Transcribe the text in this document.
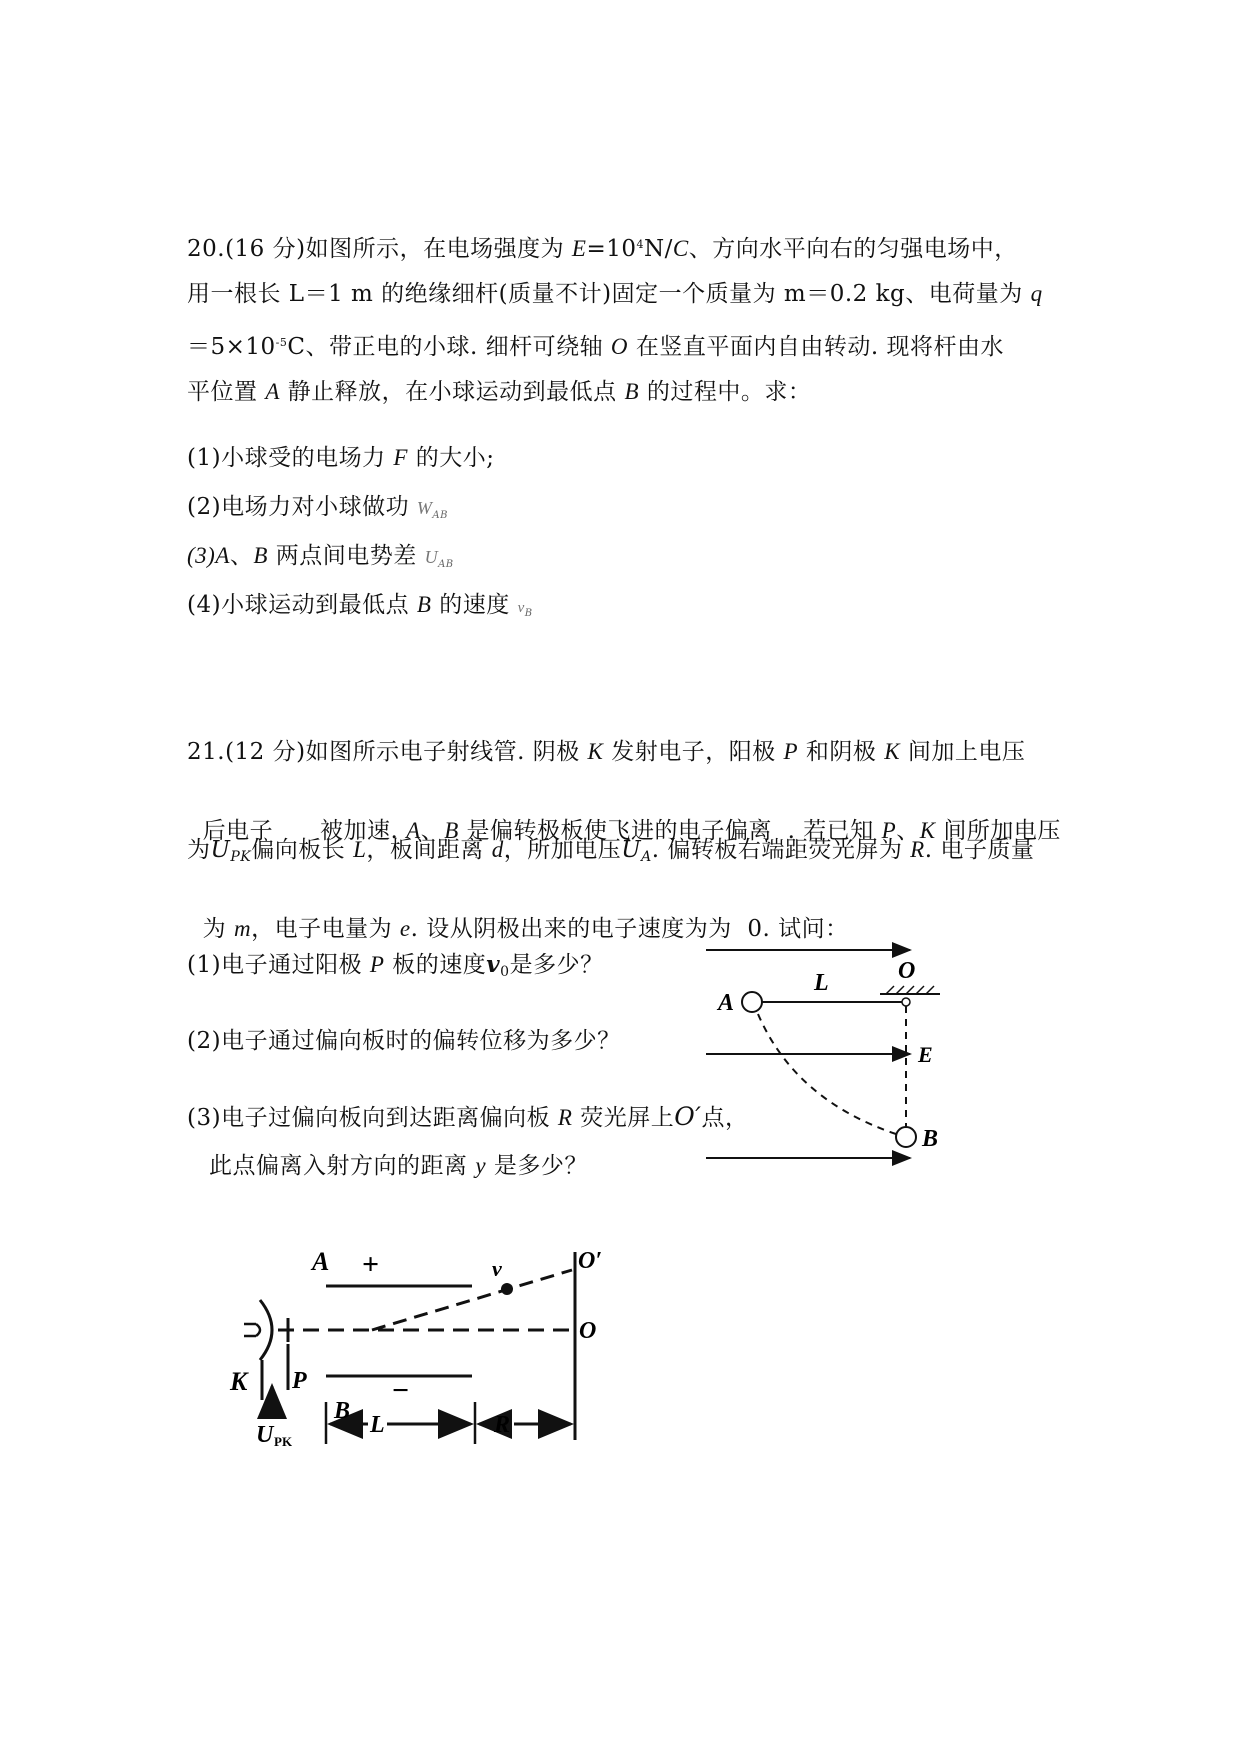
20.(16 分)如图所示，在电场强度为 $E=10^4N/C$、方向水平向右的匀强电场中，
用一根长 L＝1 m 的绝缘细杆(质量不计)固定一个质量为 m＝0.2 kg、电荷量为 q
$=5\times 10^{-5}C$、带正电的小球. 细杆可绕轴 O 在竖直平面内自由转动. 现将杆由水
平位置 A 静止释放，在小球运动到最低点 B 的过程中。求：
(1)小球受的电场力 F 的大小;
(2)电场力对小球做功 $W_{AB}$
(3)A、B 两点间电势差 $U_{AB}$
(4)小球运动到最低点 B 的速度 $v_B$
21.(12 分)如图所示电子射线管. 阴极 K 发射电子，阳极 P 和阴极 K 间加上电压

后电子      被加速. A、B 是偏转极板使飞进的电子偏离  . 若已知 P、K 间所加电压

为UPK偏向板长 L，板间距离 d，所加电压UA. 偏转板右端距荧光屏为 R. 电子质量

为 m，电子电量为 e. 设从阴极出来的电子速度为为  0. 试问：

(1)电子通过阳极 P 板的速度v0是多少？
(2)电子通过偏向板时的偏转位移为多少？
(3)电子过偏向板向到达距离偏向板 R 荧光屏上O′点，
此点偏离入射方向的距离 y 是多少？
A
L	O
E
B
A +	v	O′
O
K P	−
U PK
B
L	R
